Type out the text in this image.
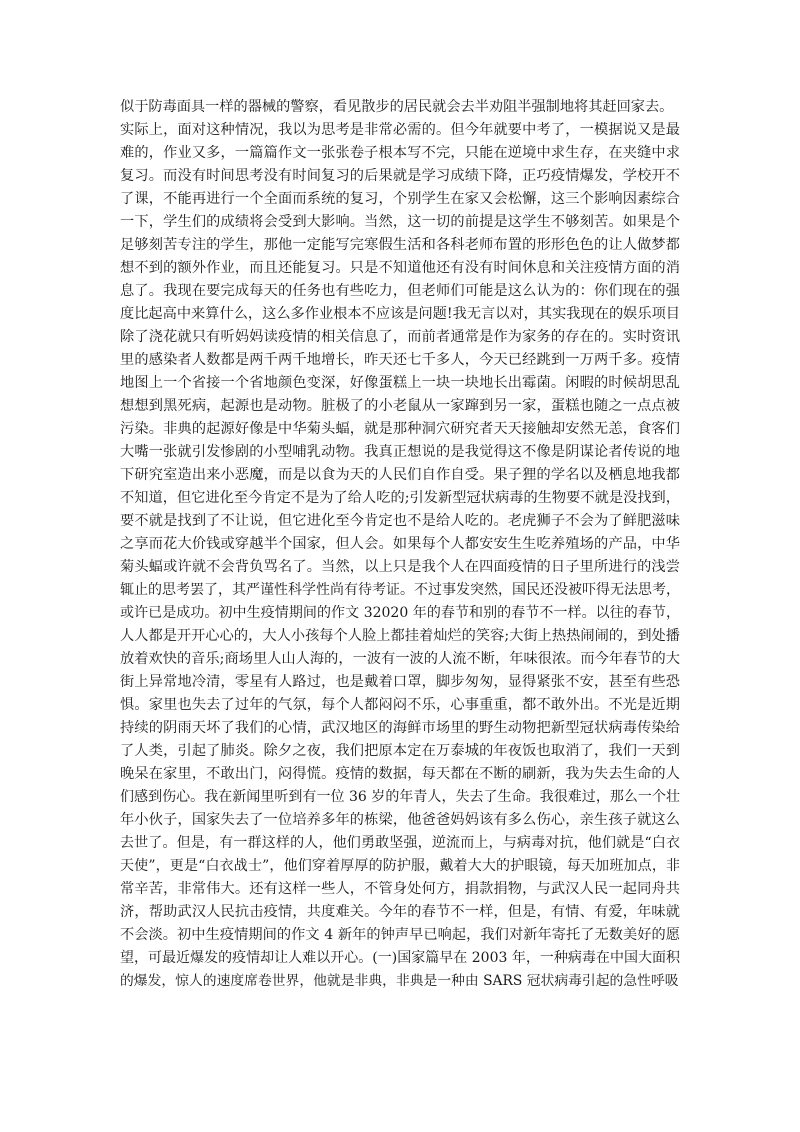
似于防毒面具一样的器械的警察，看见散步的居民就会去半劝阻半强制地将其赶回家去。
实际上，面对这种情况，我以为思考是非常必需的。但今年就要中考了，一模据说又是最
难的，作业又多，一篇篇作文一张张卷子根本写不完，只能在逆境中求生存，在夹缝中求
复习。而没有时间思考没有时间复习的后果就是学习成绩下降，正巧疫情爆发，学校开不
了课，不能再进行一个全面而系统的复习，个别学生在家又会松懈，这三个影响因素综合
一下，学生们的成绩将会受到大影响。当然，这一切的前提是这学生不够刻苦。如果是个
足够刻苦专注的学生，那他一定能写完寒假生活和各科老师布置的形形色色的让人做梦都
想不到的额外作业，而且还能复习。只是不知道他还有没有时间休息和关注疫情方面的消
息了。我现在要完成每天的任务也有些吃力，但老师们可能是这么认为的：你们现在的强
度比起高中来算什么，这么多作业根本不应该是问题!我无言以对，其实我现在的娱乐项目
除了浇花就只有听妈妈读疫情的相关信息了，而前者通常是作为家务的存在的。实时资讯
里的感染者人数都是两千两千地增长，昨天还七千多人，今天已经跳到一万两千多。疫情
地图上一个省接一个省地颜色变深，好像蛋糕上一块一块地长出霉菌。闲暇的时候胡思乱
想想到黑死病，起源也是动物。脏极了的小老鼠从一家蹿到另一家，蛋糕也随之一点点被
污染。非典的起源好像是中华菊头蝠，就是那种洞穴研究者天天接触却安然无恙，食客们
大嘴一张就引发惨剧的小型哺乳动物。我真正想说的是我觉得这不像是阴谋论者传说的地
下研究室造出来小恶魔，而是以食为天的人民们自作自受。果子狸的学名以及栖息地我都
不知道，但它进化至今肯定不是为了给人吃的;引发新型冠状病毒的生物要不就是没找到，
要不就是找到了不让说，但它进化至今肯定也不是给人吃的。老虎狮子不会为了鲜肥滋味
之享而花大价钱或穿越半个国家，但人会。如果每个人都安安生生吃养殖场的产品，中华
菊头蝠或许就不会背负骂名了。当然，以上只是我个人在四面疫情的日子里所进行的浅尝
辄止的思考罢了，其严谨性科学性尚有待考证。不过事发突然，国民还没被吓得无法思考，
或许已是成功。初中生疫情期间的作文 32020 年的春节和别的春节不一样。以往的春节，
人人都是开开心心的，大人小孩每个人脸上都挂着灿烂的笑容;大街上热热闹闹的，到处播
放着欢快的音乐;商场里人山人海的，一波有一波的人流不断，年味很浓。而今年春节的大
街上异常地冷清，零星有人路过，也是戴着口罩，脚步匆匆，显得紧张不安，甚至有些恐
惧。家里也失去了过年的气氛，每个人都闷闷不乐，心事重重，都不敢外出。不光是近期
持续的阴雨天坏了我们的心情，武汉地区的海鲜市场里的野生动物把新型冠状病毒传染给
了人类，引起了肺炎。除夕之夜，我们把原本定在万泰城的年夜饭也取消了，我们一天到
晚呆在家里，不敢出门，闷得慌。疫情的数据，每天都在不断的刷新，我为失去生命的人
们感到伤心。我在新闻里听到有一位 36 岁的年青人，失去了生命。我很难过，那么一个壮
年小伙子，国家失去了一位培养多年的栋梁，他爸爸妈妈该有多么伤心，亲生孩子就这么
去世了。但是，有一群这样的人，他们勇敢坚强，逆流而上，与病毒对抗，他们就是“白衣
天使”，更是“白衣战士”，他们穿着厚厚的防护服，戴着大大的护眼镜，每天加班加点，非
常辛苦，非常伟大。还有这样一些人，不管身处何方，捐款捐物，与武汉人民一起同舟共
济，帮助武汉人民抗击疫情，共度难关。今年的春节不一样，但是，有情、有爱，年味就
不会淡。初中生疫情期间的作文 4 新年的钟声早已响起，我们对新年寄托了无数美好的愿
望，可最近爆发的疫情却让人难以开心。(一)国家篇早在 2003 年，一种病毒在中国大面积
的爆发，惊人的速度席卷世界，他就是非典，非典是一种由 SARS 冠状病毒引起的急性呼吸
